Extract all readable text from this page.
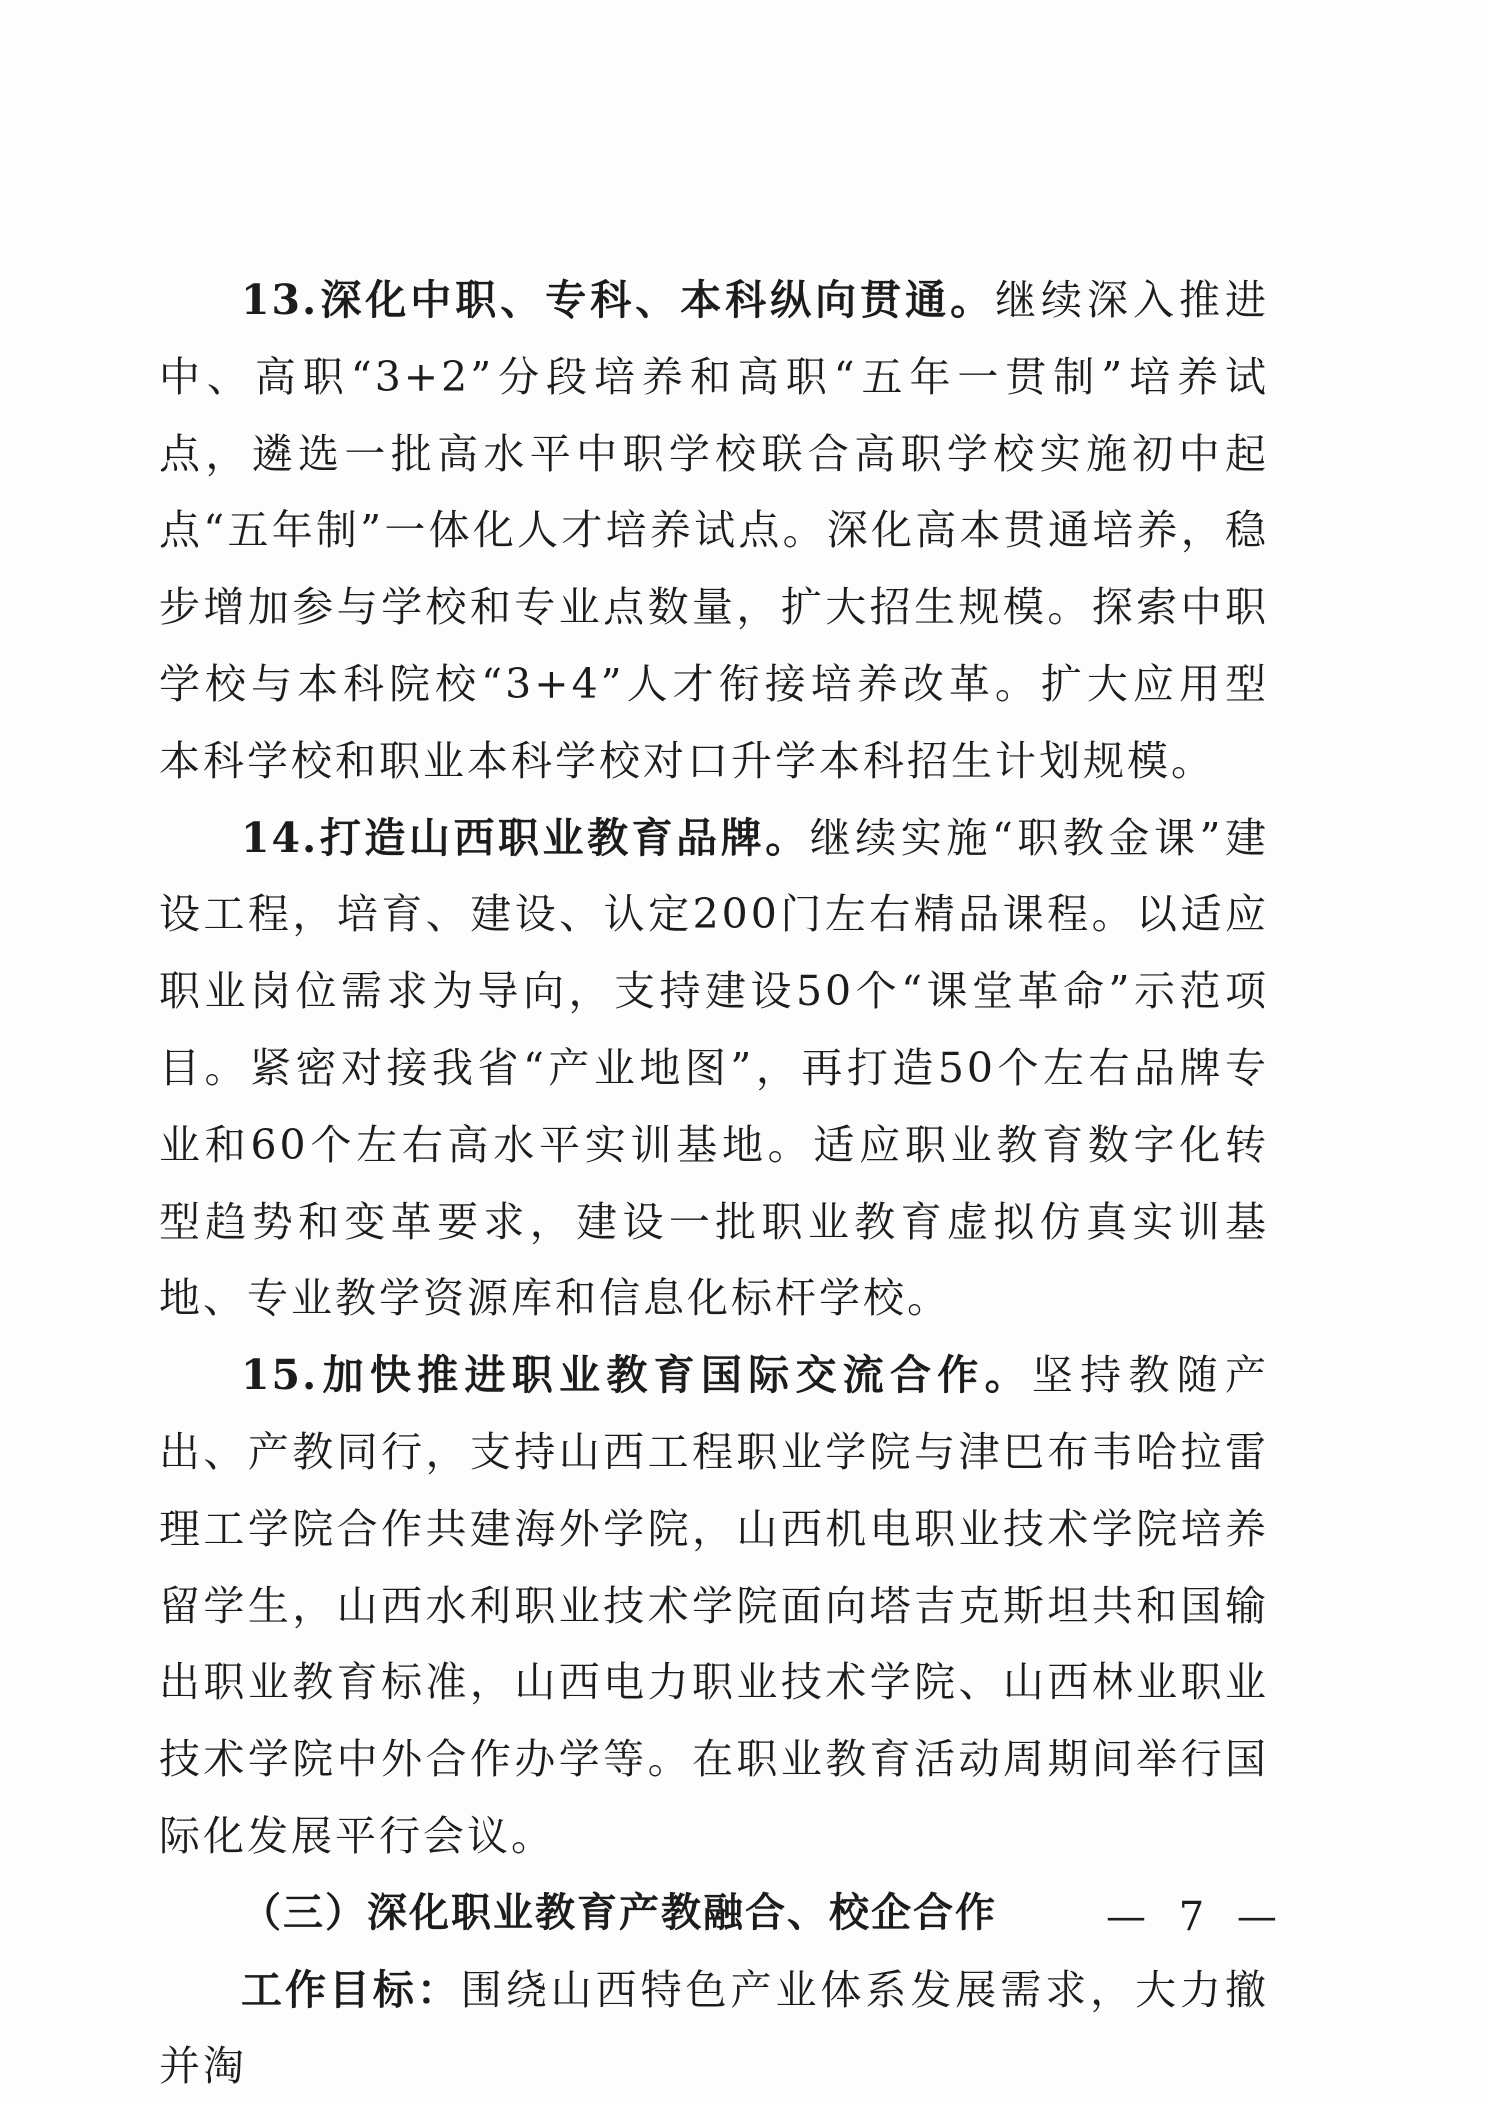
13.深化中职、专科、本科纵向贯通。继续深入推进中、高职“3+2”分段培养和高职“五年一贯制”培养试点，遴选一批高水平中职学校联合高职学校实施初中起点“五年制”一体化人才培养试点。深化高本贯通培养，稳步增加参与学校和专业点数量，扩大招生规模。探索中职学校与本科院校“3+4”人才衔接培养改革。扩大应用型本科学校和职业本科学校对口升学本科招生计划规模。

14.打造山西职业教育品牌。继续实施“职教金课”建设工程，培育、建设、认定200门左右精品课程。以适应职业岗位需求为导向，支持建设50个“课堂革命”示范项目。紧密对接我省“产业地图”，再打造50个左右品牌专业和60个左右高水平实训基地。适应职业教育数字化转型趋势和变革要求，建设一批职业教育虚拟仿真实训基地、专业教学资源库和信息化标杆学校。

15.加快推进职业教育国际交流合作。坚持教随产出、产教同行，支持山西工程职业学院与津巴布韦哈拉雷理工学院合作共建海外学院，山西机电职业技术学院培养留学生，山西水利职业技术学院面向塔吉克斯坦共和国输出职业教育标准，山西电力职业技术学院、山西林业职业技术学院中外合作办学等。在职业教育活动周期间举行国际化发展平行会议。

（三）深化职业教育产教融合、校企合作

工作目标：围绕山西特色产业体系发展需求，大力撤并淘

— 7 —
